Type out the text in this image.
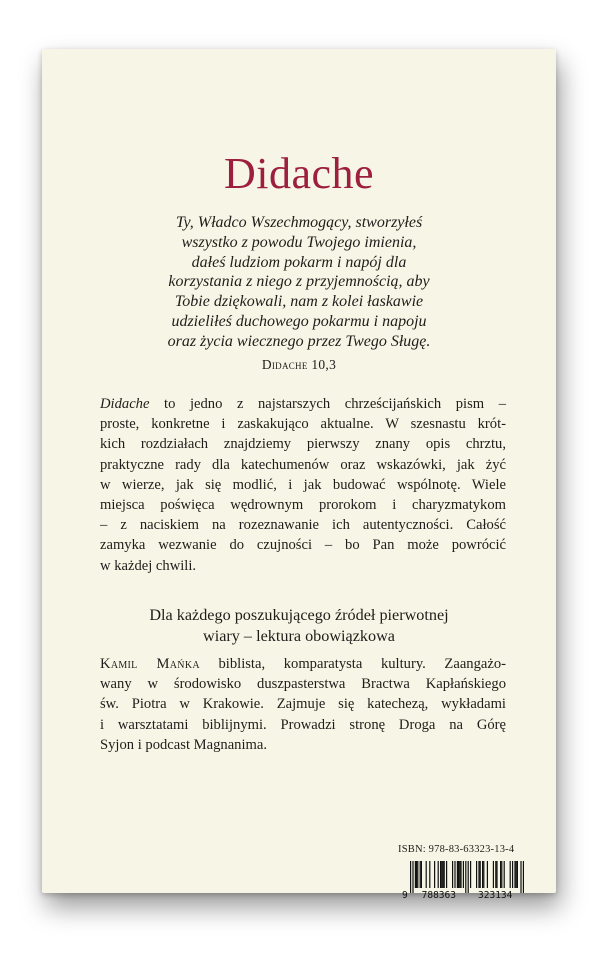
Didache
Ty, Władco Wszechmogący, stworzyłeś
wszystko z powodu Twojego imienia,
dałeś ludziom pokarm i napój dla
korzystania z niego z przyjemnością, aby
Tobie dziękowali, nam z kolei łaskawie
udzieliłeś duchowego pokarmu i napoju
oraz życia wiecznego przez Twego Sługę.
Didache 10,3
Didache to jedno z najstarszych chrześcijańskich pism –
proste, konkretne i zaskakująco aktualne. W szesnastu krót-
kich rozdziałach znajdziemy pierwszy znany opis chrztu,
praktyczne rady dla katechumenów oraz wskazówki, jak żyć
w wierze, jak się modlić, i jak budować wspólnotę. Wiele
miejsca poświęca wędrownym prorokom i charyzmatykom
– z naciskiem na rozeznawanie ich autentyczności. Całość
zamyka wezwanie do czujności – bo Pan może powrócić
w każdej chwili.
Dla każdego poszukującego źródeł pierwotnej
wiary – lektura obowiązkowa
Kamil Mańka biblista, komparatysta kultury. Zaangażo-
wany w środowisko duszpasterstwa Bractwa Kapłańskiego
św. Piotra w Krakowie. Zajmuje się katechezą, wykładami
i warsztatami biblijnymi. Prowadzi stronę Droga na Górę
Syjon i podcast Magnanima.
ISBN: 978-83-63323-13-4
9 788363 323134
